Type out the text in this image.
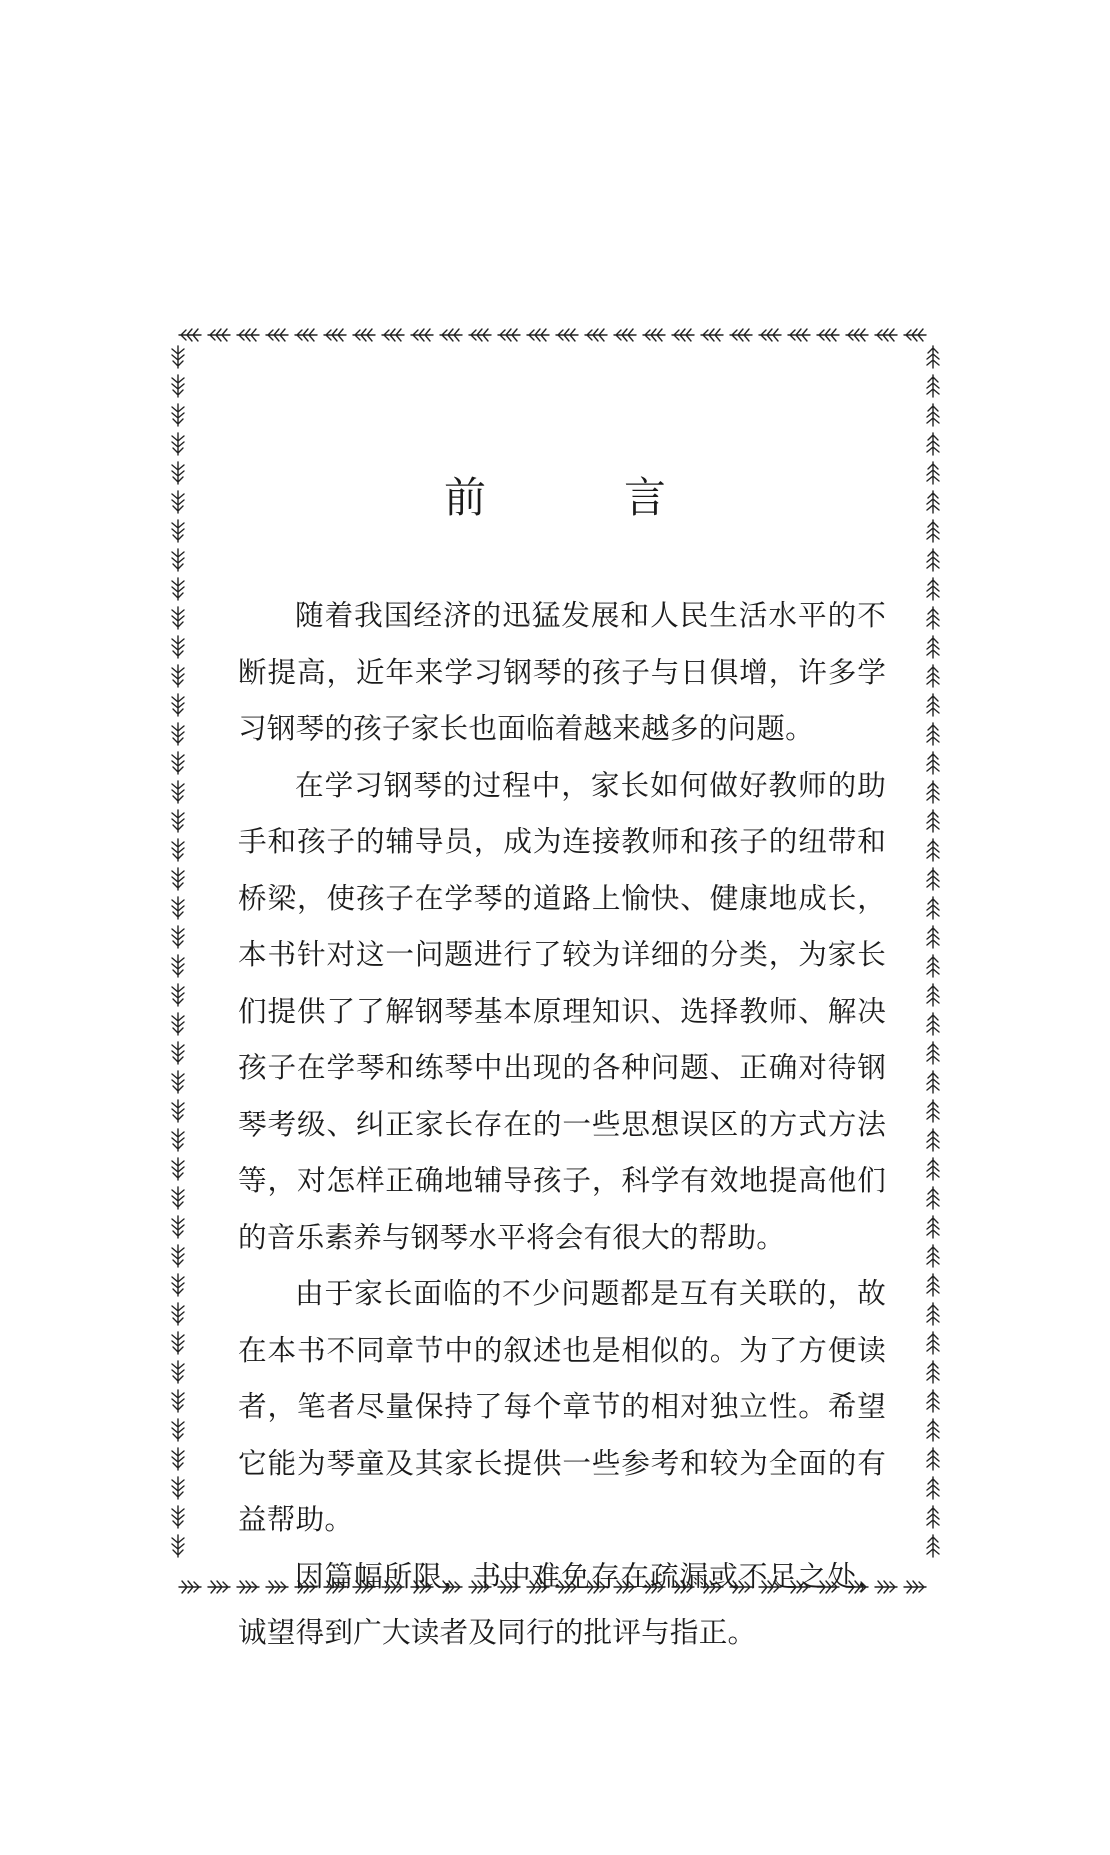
前　言

随着我国经济的迅猛发展和人民生活水平的不断提高，近年来学习钢琴的孩子与日俱增，许多学习钢琴的孩子家长也面临着越来越多的问题。

在学习钢琴的过程中，家长如何做好教师的助手和孩子的辅导员，成为连接教师和孩子的纽带和桥梁，使孩子在学琴的道路上愉快、健康地成长，本书针对这一问题进行了较为详细的分类，为家长们提供了了解钢琴基本原理知识、选择教师、解决孩子在学琴和练琴中出现的各种问题、正确对待钢琴考级、纠正家长存在的一些思想误区的方式方法等，对怎样正确地辅导孩子，科学有效地提高他们的音乐素养与钢琴水平将会有很大的帮助。

由于家长面临的不少问题都是互有关联的，故在本书不同章节中的叙述也是相似的。为了方便读者，笔者尽量保持了每个章节的相对独立性。希望它能为琴童及其家长提供一些参考和较为全面的有益帮助。

因篇幅所限，书中难免存在疏漏或不足之处，诚望得到广大读者及同行的批评与指正。
